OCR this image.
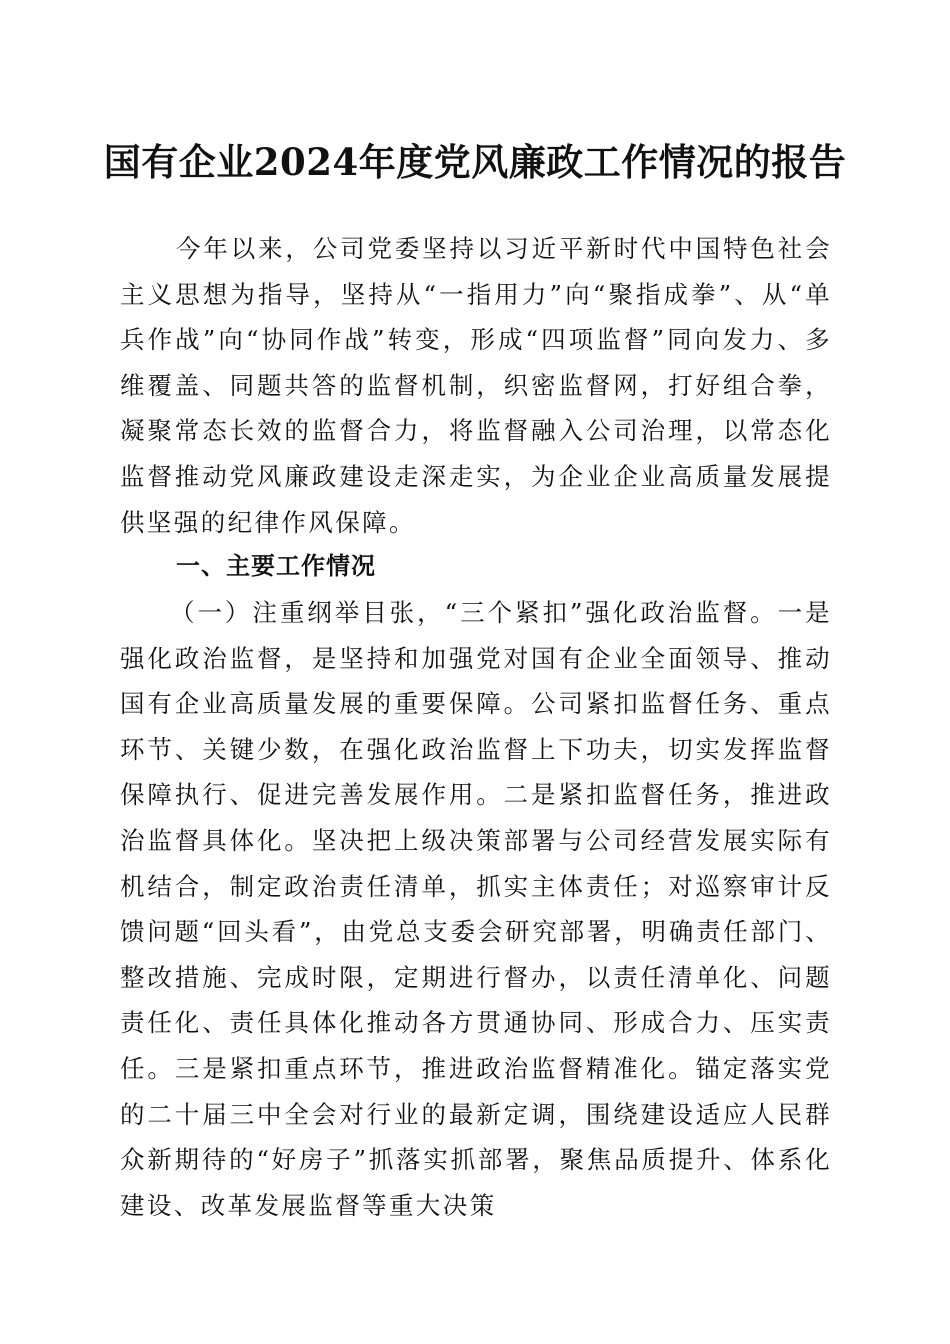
国有企业2024年度党风廉政工作情况的报告

今年以来，公司党委坚持以习近平新时代中国特色社会主义思想为指导，坚持从“一指用力”向“聚指成拳”、从“单兵作战”向“协同作战”转变，形成“四项监督”同向发力、多维覆盖、同题共答的监督机制，织密监督网，打好组合拳，凝聚常态长效的监督合力，将监督融入公司治理，以常态化监督推动党风廉政建设走深走实，为企业企业高质量发展提供坚强的纪律作风保障。

一、主要工作情况

（一）注重纲举目张，“三个紧扣”强化政治监督。一是强化政治监督，是坚持和加强党对国有企业全面领导、推动国有企业高质量发展的重要保障。公司紧扣监督任务、重点环节、关键少数，在强化政治监督上下功夫，切实发挥监督保障执行、促进完善发展作用。二是紧扣监督任务，推进政治监督具体化。坚决把上级决策部署与公司经营发展实际有机结合，制定政治责任清单，抓实主体责任；对巡察审计反馈问题“回头看”，由党总支委会研究部署，明确责任部门、整改措施、完成时限，定期进行督办，以责任清单化、问题责任化、责任具体化推动各方贯通协同、形成合力、压实责任。三是紧扣重点环节，推进政治监督精准化。锚定落实党的二十届三中全会对行业的最新定调，围绕建设适应人民群众新期待的“好房子”抓落实抓部署，聚焦品质提升、体系化建设、改革发展监督等重大决策
